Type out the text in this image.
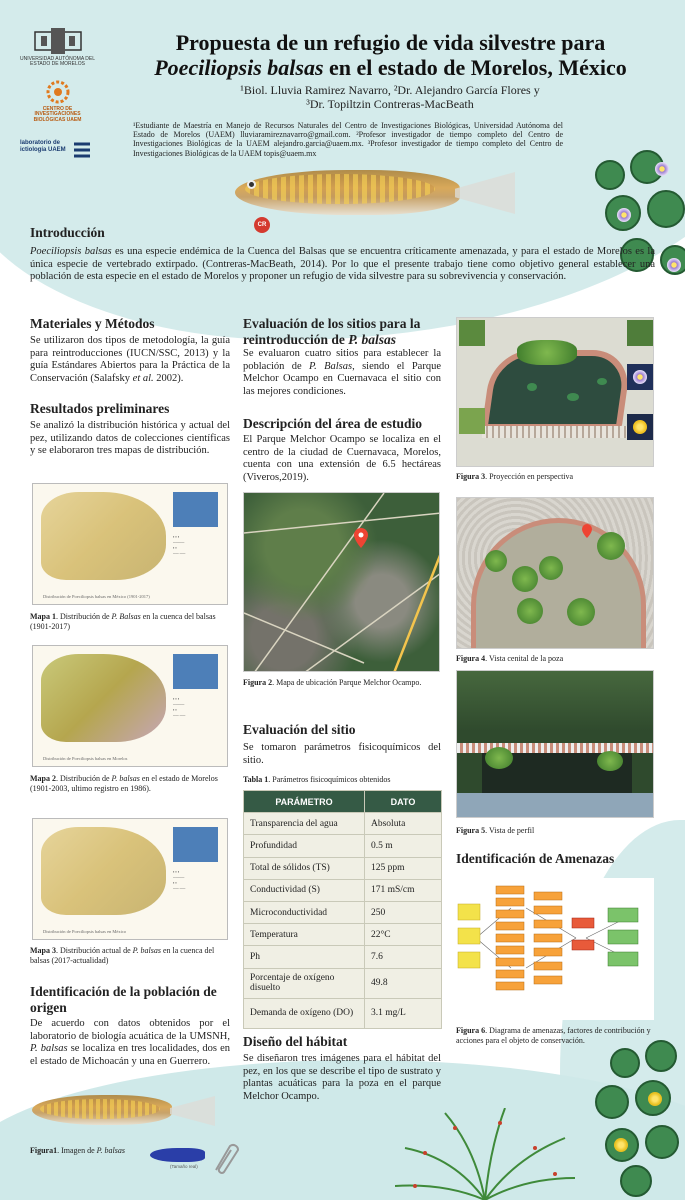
UNIVERSIDAD AUTÓNOMA DEL ESTADO DE MORELOS
CENTRO DE INVESTIGACIONES BIOLÓGICAS UAEM
laboratorio de ictiología UAEM
Propuesta de un refugio de vida silvestre para
Poeciliopsis balsas en el estado de Morelos, México
¹Biol. Lluvia Ramirez Navarro, ²Dr. Alejandro García Flores y
³Dr. Topiltzin Contreras-MacBeath
¹Estudiante de Maestría en Manejo de Recursos Naturales del Centro de Investigaciones Biológicas, Universidad Autónoma del Estado de Morelos (UAEM) lluviaramireznavarro@gmail.com. ²Profesor investigador de tiempo completo del Centro de Investigaciones Biológicas de la UAEM alejandro.garcia@uaem.mx. ³Profesor investigador de tiempo completo del Centro de Investigaciones Biológicas de la UAEM topis@uaem.mx
CR
Introducción
Poeciliopsis balsas es una especie endémica de la Cuenca del Balsas que se encuentra críticamente amenazada, y para el estado de Morelos es la única especie de vertebrado extirpado. (Contreras-MacBeath, 2014). Por lo que el presente trabajo tiene como objetivo general establecer una población de esta especie en el estado de Morelos y proponer un refugio de vida silvestre para su sobrevivencia y conservación.
Materiales y Métodos
Se utilizaron dos tipos de metodología, la guía para reintroducciones (IUCN/SSC, 2013) y la guía Estándares Abiertos para la Práctica de la Conservación (Salafsky et al. 2002).
Resultados preliminares
Se analizó la distribución histórica y actual del pez, utilizando datos de colecciones científicas y se elaboraron tres mapas de distribución.
▪ ▪ ▪
────
▪ ▪
── ──
Distribución de Poeciliopsis balsas en México (1901-2017)
Mapa 1. Distribución de P. Balsas en la cuenca del balsas (1901-2017)
▪ ▪ ▪
────
▪ ▪
── ──
Distribución de Poeciliopsis balsas en Morelos
Mapa 2. Distribución de P. balsas en el estado de Morelos (1901-2003, ultimo registro en 1986).
▪ ▪ ▪
────
▪ ▪
── ──
Distribución de Poeciliopsis balsas en México
Mapa 3. Distribución actual de P. balsas en la cuenca del balsas (2017-actualidad)
Identificación de la población de origen
De acuerdo con datos obtenidos por el laboratorio de biología acuática de la UMSNH, P. balsas se localiza en tres localidades, dos en el estado de Michoacán y una en Guerrero.
Figura1. Imagen de P. balsas
(Tamaño real)
Evaluación de los sitios para la reintroducción de P. balsas
Se evaluaron cuatro sitios para establecer la población de P. Balsas, siendo el Parque Melchor Ocampo en Cuernavaca el sitio con las mejores condiciones.
Descripción del área de estudio
El Parque Melchor Ocampo se localiza en el centro de la ciudad de Cuernavaca, Morelos, cuenta con una extensión de 6.5 hectáreas (Viveros,2019).
Figura 2. Mapa de ubicación Parque Melchor Ocampo.
Evaluación del sitio
Se tomaron parámetros fisicoquímicos del sitio.
Tabla 1. Parámetros fisicoquímicos obtenidos
PARÁMETRO	DATO
Transparencia del agua	Absoluta
Profundidad	0.5 m
Total de sólidos (TS)	125 ppm
Conductividad (S)	171 mS/cm
Microconductividad	250
Temperatura	22°C
Ph	7.6
Porcentaje de oxígeno disuelto	49.8
Demanda de oxígeno (DO)	3.1 mg/L
Diseño del hábitat
Se diseñaron tres imágenes para el hábitat del pez, en los que se describe el tipo de sustrato y plantas acuáticas para la poza en el parque Melchor Ocampo.
Figura 3. Proyección en perspectiva
Figura 4. Vista cenital de la poza
Figura 5. Vista de perfil
Identificación de Amenazas
Figura 6. Diagrama de amenazas, factores de contribución y acciones para el objeto de conservación.
